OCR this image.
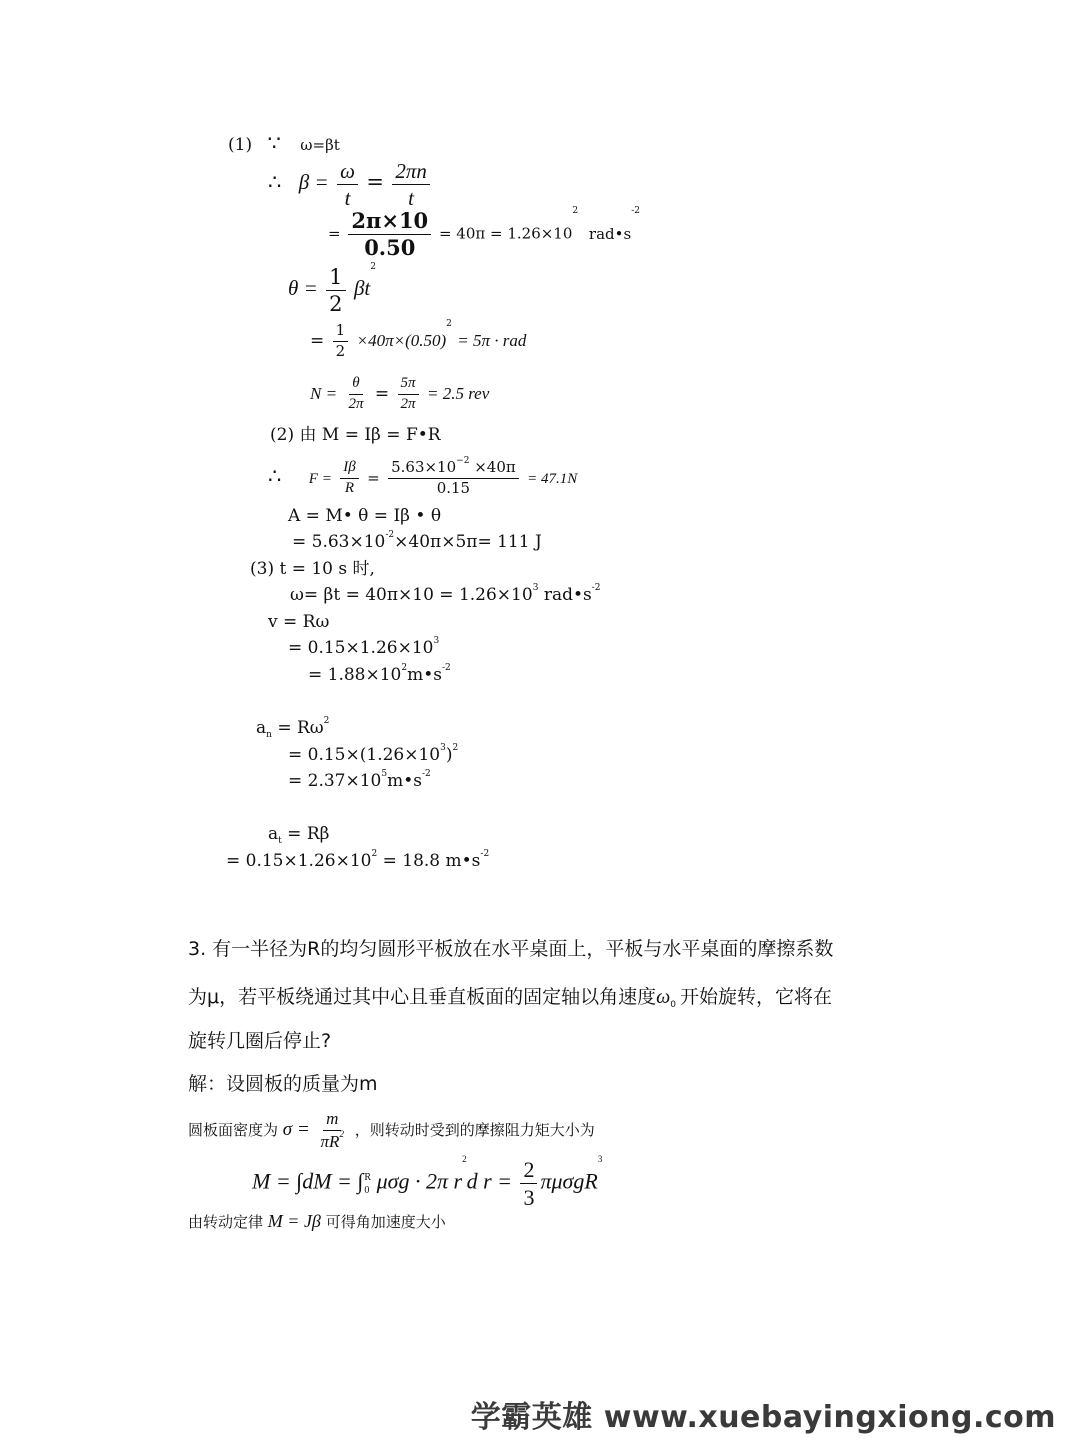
(1) ∵ ω=βt
∴ $\beta = \frac{\omega}{t} = \frac{2\pi n}{t}$
= $\frac{2\pi\times 10}{0.50} = 40\pi = 1.26\times 10^2$ $rad•s^{-2}$
$\theta = \frac{1}{2} \beta t^2$
= $\frac{1}{2} \times 40\pi\times(0.50)^2 = 5\pi$ · rad
$N = \frac{\theta}{2\pi} = \frac{5\pi}{2\pi} = 2.5$ rev
(2) 由 M = Iβ = F•R
∴ $F = \frac{I\beta}{R} = \frac{5.63\times 10^{-2} \times 40\pi}{0.15} = 47.1N$
A = M• θ = Iβ • θ
= $5.63\times 10^{-2}\times 40\pi\times 5\pi= 111$ J
(3) t = 10 s 时,
$\omega= \beta t = 40\pi\times 10 = 1.26\times 10^3$ $rad•s^{-2}$
v = Rω
= $0.15\times 1.26\times 10^3$
= $1.88\times 10^2m•s^{-2}$
$a_n = R\omega^2$
= $0.15\times(1.26\times 10^3)^2$
= $2.37\times 10^5m•s^{-2}$
$a_t = R\beta$
= $0.15\times 1.26\times 10^2 = 18.8$ $m•s^{-2}$
3. 有一半径为R的均匀圆形平板放在水平桌面上，平板与水平桌面的摩擦系数
为μ，若平板绕通过其中心且垂直板面的固定轴以角速度$\omega_0$ 开始旋转，它将在
旋转几圈后停止?
解：设圆板的质量为m
圆板面密度为 $\sigma = \frac{m}{\pi R^2}$ ，则转动时受到的摩擦阻力矩大小为
M = ∫dM = ∫ R
0 μσg · 2π $r^2d$ $r = \frac{2}{3} \pi\mu\sigma gR^3$
由转动定律 M = Jβ 可得角加速度大小
学霸英雄 www.xuebayingxiong.com
